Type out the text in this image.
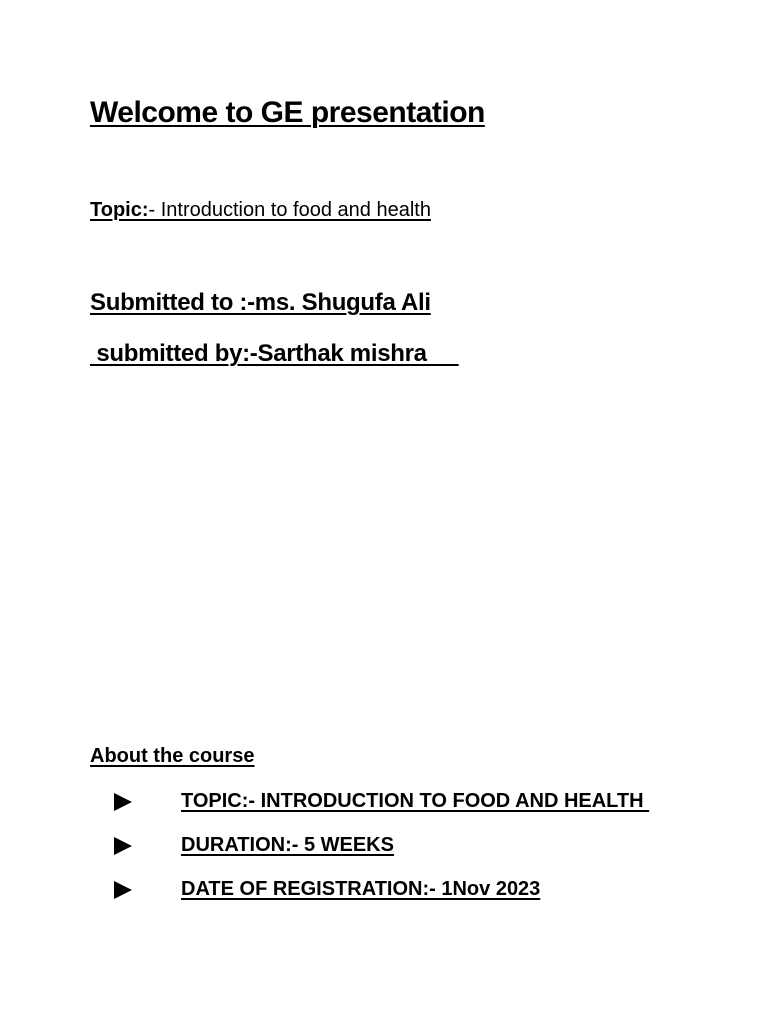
Welcome to GE presentation
Topic:- Introduction to food and health
Submitted to :-ms. Shugufa Ali
submitted by:-Sarthak mishra
About the course
TOPIC:- INTRODUCTION TO FOOD AND HEALTH
DURATION:- 5 WEEKS
DATE OF REGISTRATION:- 1Nov 2023
